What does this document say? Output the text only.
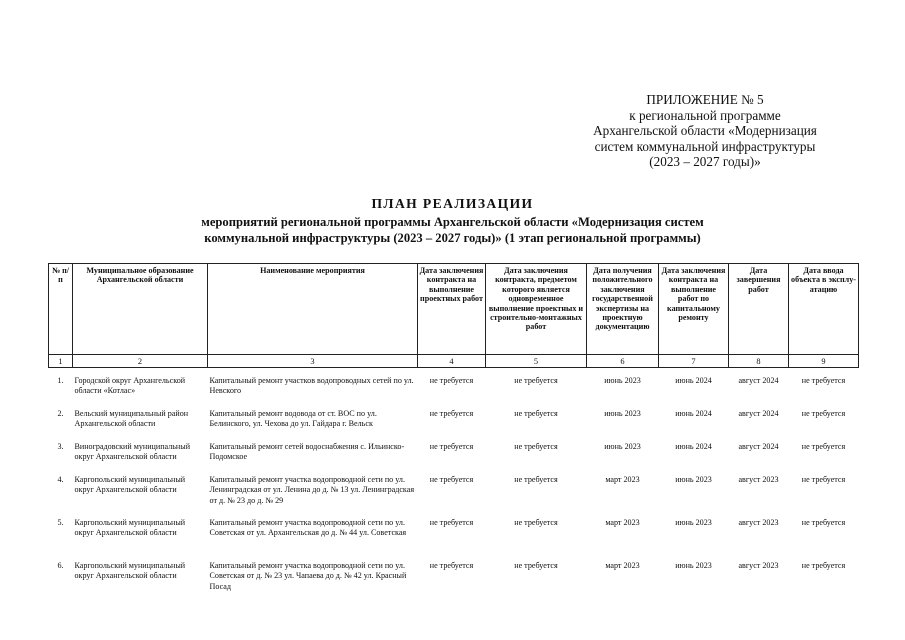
ПРИЛОЖЕНИЕ № 5
к региональной программе
Архангельской области «Модернизация
систем коммунальной инфраструктуры
(2023 – 2027 годы)»
ПЛАН РЕАЛИЗАЦИИ
мероприятий региональной программы Архангельской области «Модернизация систем
коммунальной инфраструктуры (2023 – 2027 годы)» (1 этап региональной программы)
№ п/п	Муниципальное образование Архангельской области	Наименование мероприятия	Дата заключения контракта на выполнение проектных работ	Дата заключения контракта, предметом которого является одновременное выполнение проектных и строительно-монтажных работ	Дата получения положительного заключения государственной экспертизы на проектную документацию	Дата заключения контракта на выполнение работ по капитальному ремонту	Дата завершения работ	Дата ввода объекта в эксплу-атацию
1	2	3	4	5	6	7	8	9

1.	Городской округ Архангельской области «Котлас»	Капитальный ремонт участков водопроводных сетей по ул. Невского	не требуется	не требуется	июнь 2023	июнь 2024	август 2024	не требуется
2.	Вельский муниципальный район Архангельской области	Капитальный ремонт водовода от ст. ВОС по ул. Белинского, ул. Чехова до ул. Гайдара г. Вельск	не требуется	не требуется	июнь 2023	июнь 2024	август 2024	не требуется
3.	Виноградовский муниципальный округ Архангельской области	Капитальный ремонт сетей водоснабжения с. Ильинско-Подомское	не требуется	не требуется	июнь 2023	июнь 2024	август 2024	не требуется
4.	Каргопольский муниципальный округ Архангельской области	Капитальный ремонт участка водопроводной сети по ул. Ленинградская от ул. Ленина до д. № 13 ул. Ленинградская от д. № 23 до д. № 29	не требуется	не требуется	март 2023	июнь 2023	август 2023	не требуется
5.	Каргопольский муниципальный округ Архангельской области	Капитальный ремонт участка водопроводной сети по ул. Советская от ул. Архангельская до д. № 44 ул. Советская	не требуется	не требуется	март 2023	июнь 2023	август 2023	не требуется
6.	Каргопольский муниципальный округ Архангельской области	Капитальный ремонт участка водопроводной сети по ул. Советская от д. № 23 ул. Чапаева до д. № 42 ул. Красный Посад	не требуется	не требуется	март 2023	июнь 2023	август 2023	не требуется
